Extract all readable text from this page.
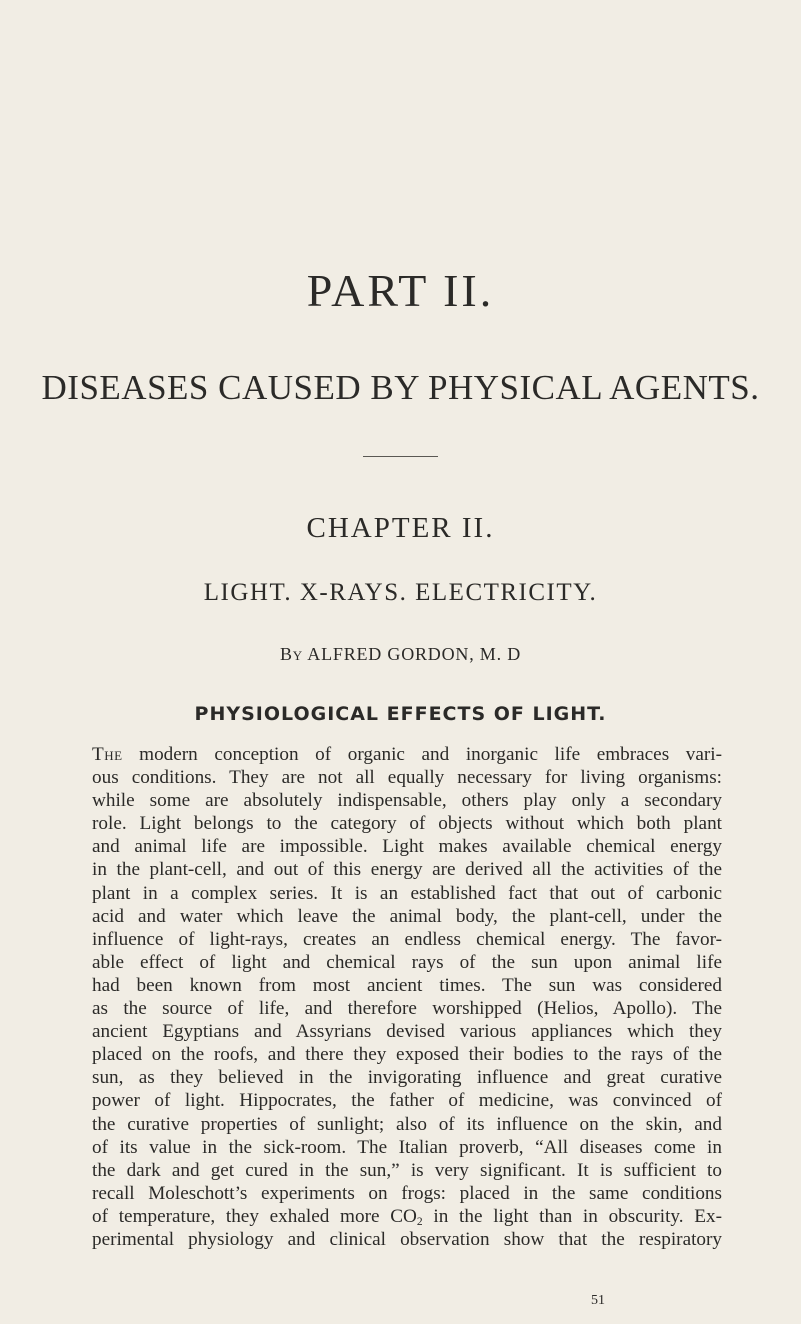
PART II.
DISEASES CAUSED BY PHYSICAL AGENTS.
CHAPTER II.
LIGHT. X-RAYS. ELECTRICITY.

By ALFRED GORDON, M. D

PHYSIOLOGICAL EFFECTS OF LIGHT.
The modern conception of organic and inorganic life embraces vari-
ous conditions. They are not all equally necessary for living organisms:
while some are absolutely indispensable, others play only a secondary
role. Light belongs to the category of objects without which both plant
and animal life are impossible. Light makes available chemical energy
in the plant-cell, and out of this energy are derived all the activities of the
plant in a complex series. It is an established fact that out of carbonic
acid and water which leave the animal body, the plant-cell, under the
influence of light-rays, creates an endless chemical energy. The favor-
able effect of light and chemical rays of the sun upon animal life
had been known from most ancient times. The sun was considered
as the source of life, and therefore worshipped (Helios, Apollo). The
ancient Egyptians and Assyrians devised various appliances which they
placed on the roofs, and there they exposed their bodies to the rays of the
sun, as they believed in the invigorating influence and great curative
power of light. Hippocrates, the father of medicine, was convinced of
the curative properties of sunlight; also of its influence on the skin, and
of its value in the sick-room. The Italian proverb, “All diseases come in
the dark and get cured in the sun,” is very significant. It is sufficient to
recall Moleschott’s experiments on frogs: placed in the same conditions
of temperature, they exhaled more $CO_2$ in the light than in obscurity. Ex-
perimental physiology and clinical observation show that the respiratory

51
